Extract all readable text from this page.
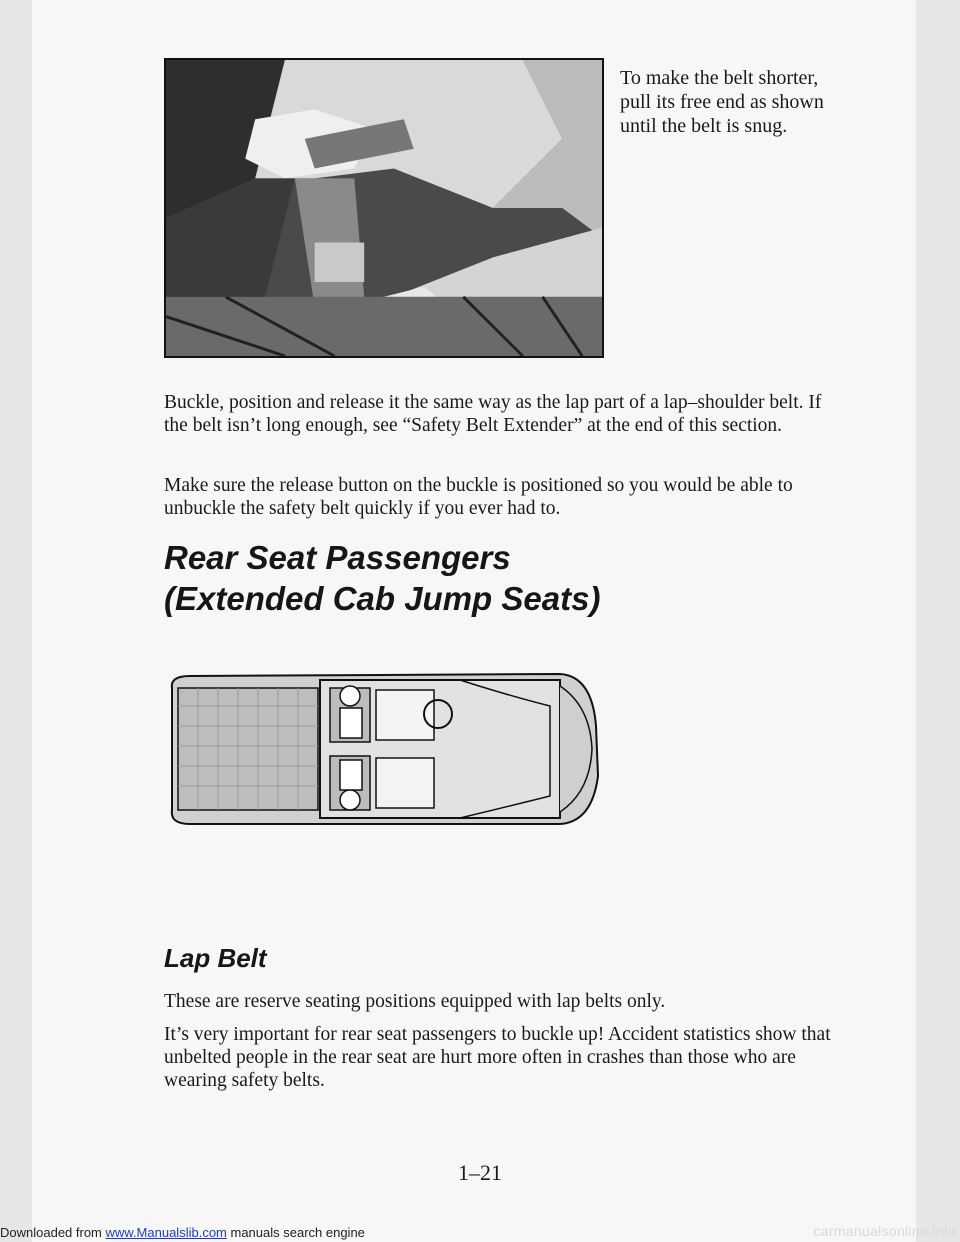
To make the belt shorter, pull its free end as shown until the belt is snug.

Buckle, position and release it the same way as the lap part of a lap–shoulder belt. If the belt isn’t long enough, see “Safety Belt Extender” at the end of this section.

Make sure the release button on the buckle is positioned so you would be able to unbuckle the safety belt quickly if you ever had to.

Rear Seat Passengers
(Extended Cab Jump Seats)
Lap Belt

These are reserve seating positions equipped with lap belts only.

It’s very important for rear seat passengers to buckle up! Accident statistics show that unbelted people in the rear seat are hurt more often in crashes than those who are wearing safety belts.

1–21
Downloaded from www.Manualslib.com manuals search engine	carmanualsonline.info
